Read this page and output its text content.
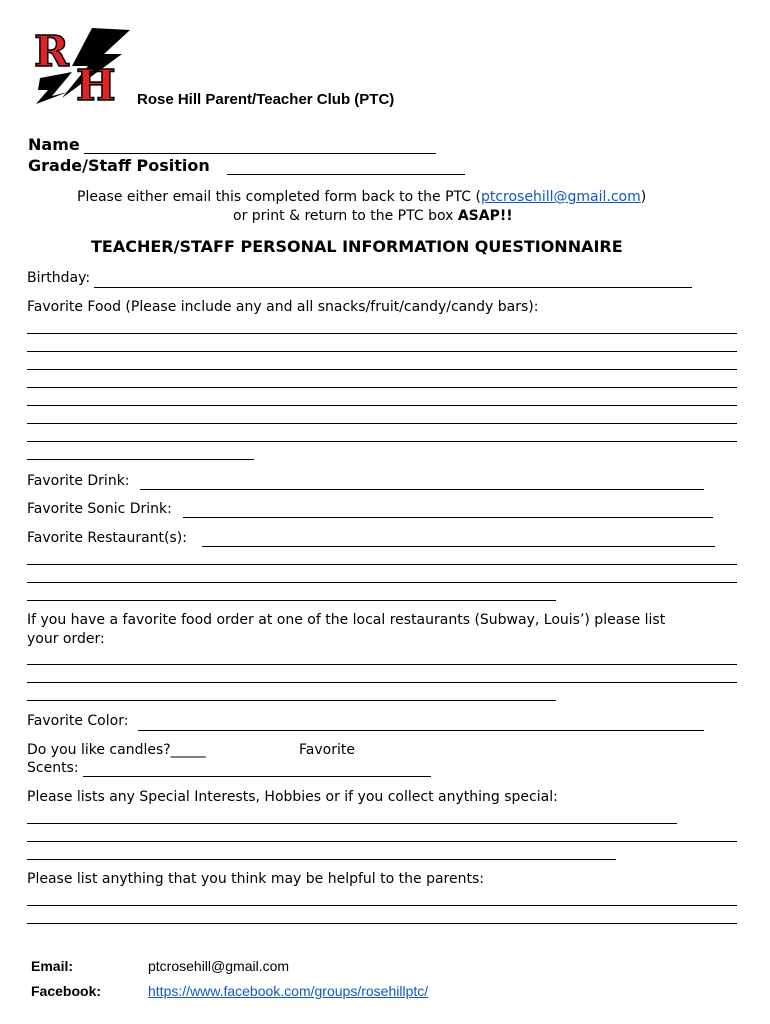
R
H Rose Hill Parent/Teacher Club (PTC)
Name
Grade/Staff Position
Please either email this completed form back to the PTC (ptcrosehill@gmail.com)
or print & return to the PTC box ASAP!!
TEACHER/STAFF PERSONAL INFORMATION QUESTIONNAIRE
Birthday:
Favorite Food (Please include any and all snacks/fruit/candy/candy bars):
Favorite Drink:
Favorite Sonic Drink:
Favorite Restaurant(s):
If you have a favorite food order at one of the local restaurants (Subway, Louis’) please list
your order:
Favorite Color:
Do you like candles?_____	Favorite
Scents:
Please lists any Special Interests, Hobbies or if you collect anything special:
Please list anything that you think may be helpful to the parents:
Email:	ptcrosehill@gmail.com
Facebook:	https://www.facebook.com/groups/rosehillptc/
